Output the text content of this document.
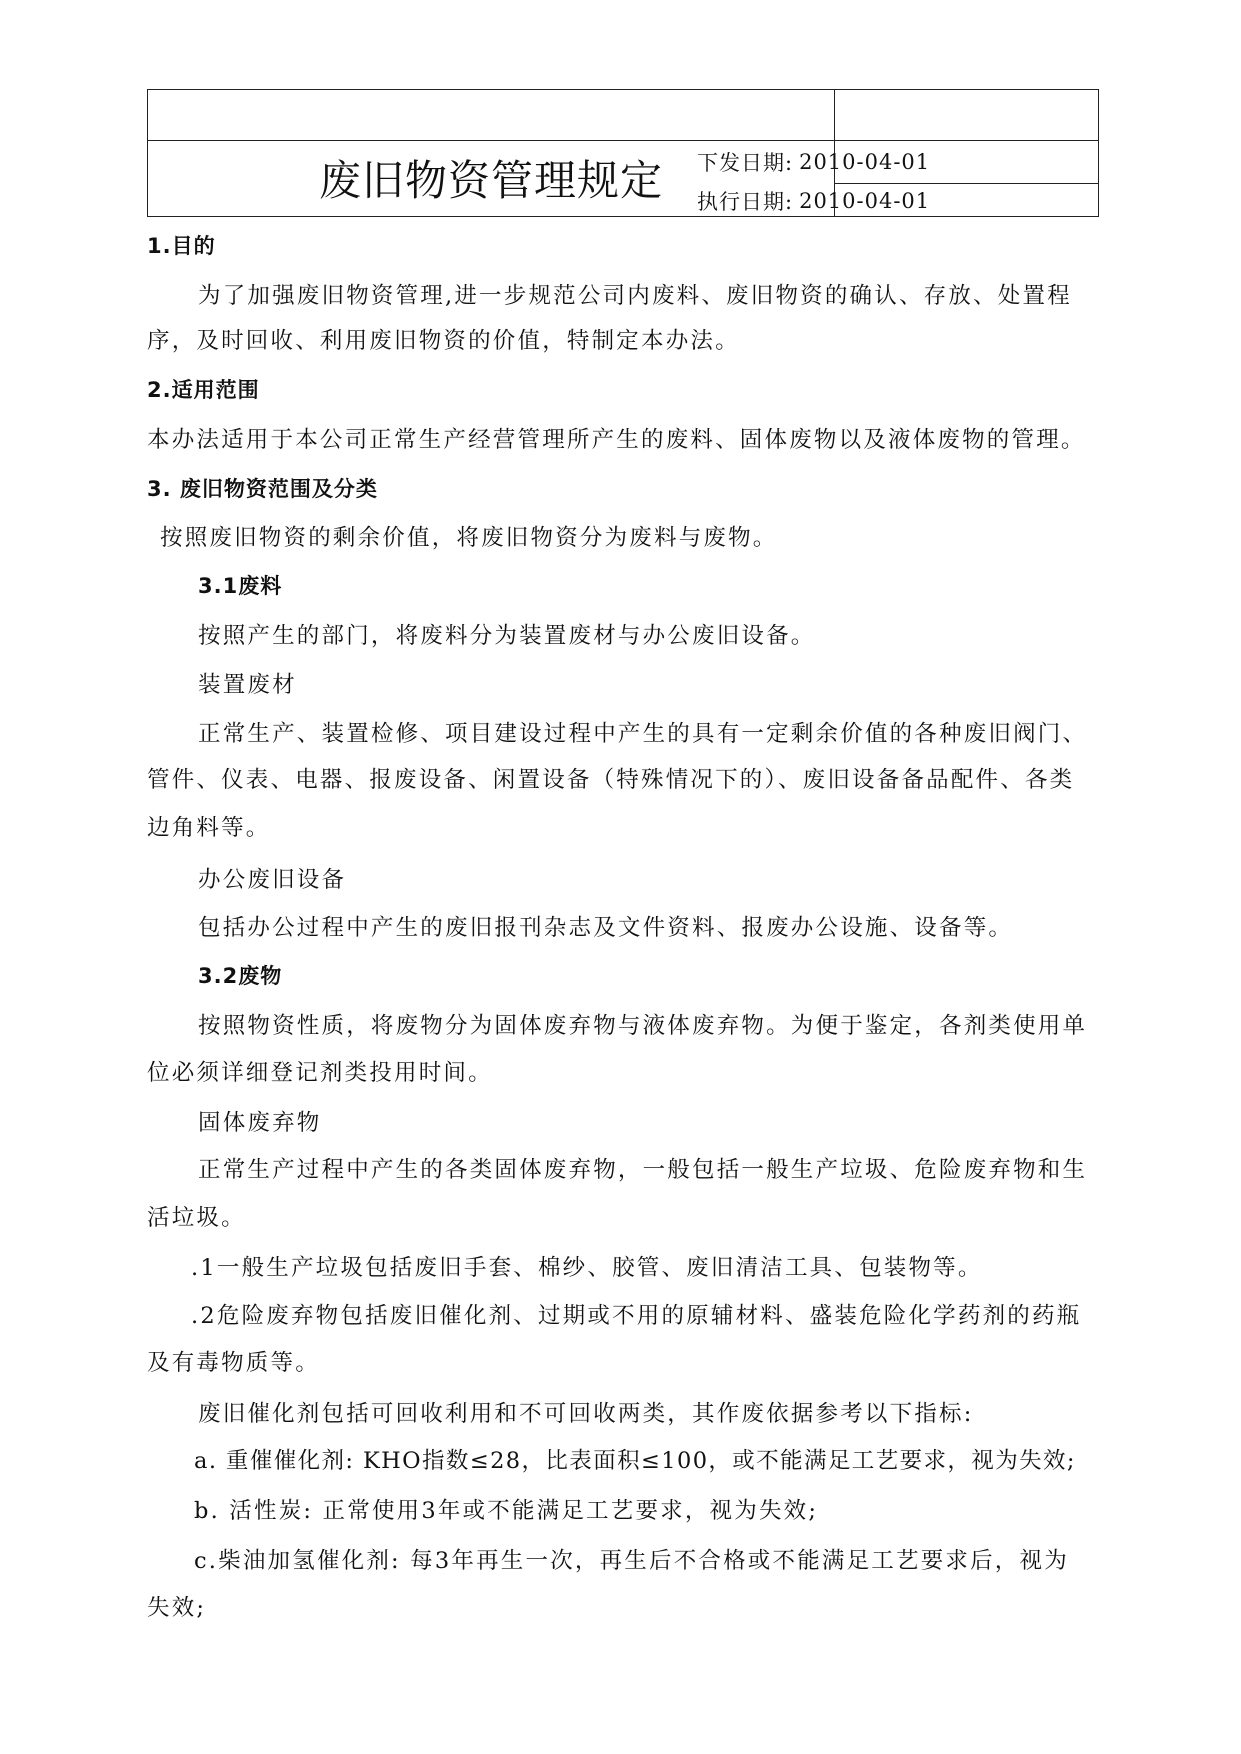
废旧物资管理规定	下发日期: 2010-04-01
执行日期: 2010-04-01
1.目的
为了加强废旧物资管理,进一步规范公司内废料、废旧物资的确认、存放、处置程
序，及时回收、利用废旧物资的价值，特制定本办法。
2.适用范围
本办法适用于本公司正常生产经营管理所产生的废料、固体废物以及液体废物的管理。
3. 废旧物资范围及分类
按照废旧物资的剩余价值，将废旧物资分为废料与废物。
3.1废料
按照产生的部门，将废料分为装置废材与办公废旧设备。
装置废材
正常生产、装置检修、项目建设过程中产生的具有一定剩余价值的各种废旧阀门、
管件、仪表、电器、报废设备、闲置设备（特殊情况下的）、废旧设备备品配件、各类
边角料等。
办公废旧设备
包括办公过程中产生的废旧报刊杂志及文件资料、报废办公设施、设备等。
3.2废物
按照物资性质，将废物分为固体废弃物与液体废弃物。为便于鉴定，各剂类使用单
位必须详细登记剂类投用时间。
固体废弃物
正常生产过程中产生的各类固体废弃物，一般包括一般生产垃圾、危险废弃物和生
活垃圾。
.1一般生产垃圾包括废旧手套、棉纱、胶管、废旧清洁工具、包装物等。
.2危险废弃物包括废旧催化剂、过期或不用的原辅材料、盛装危险化学药剂的药瓶
及有毒物质等。
废旧催化剂包括可回收利用和不可回收两类，其作废依据参考以下指标:
a. 重催催化剂: KHO指数≤28，比表面积≤100，或不能满足工艺要求，视为失效;
b. 活性炭: 正常使用3年或不能满足工艺要求，视为失效;
c.柴油加氢催化剂: 每3年再生一次，再生后不合格或不能满足工艺要求后，视为
失效;
